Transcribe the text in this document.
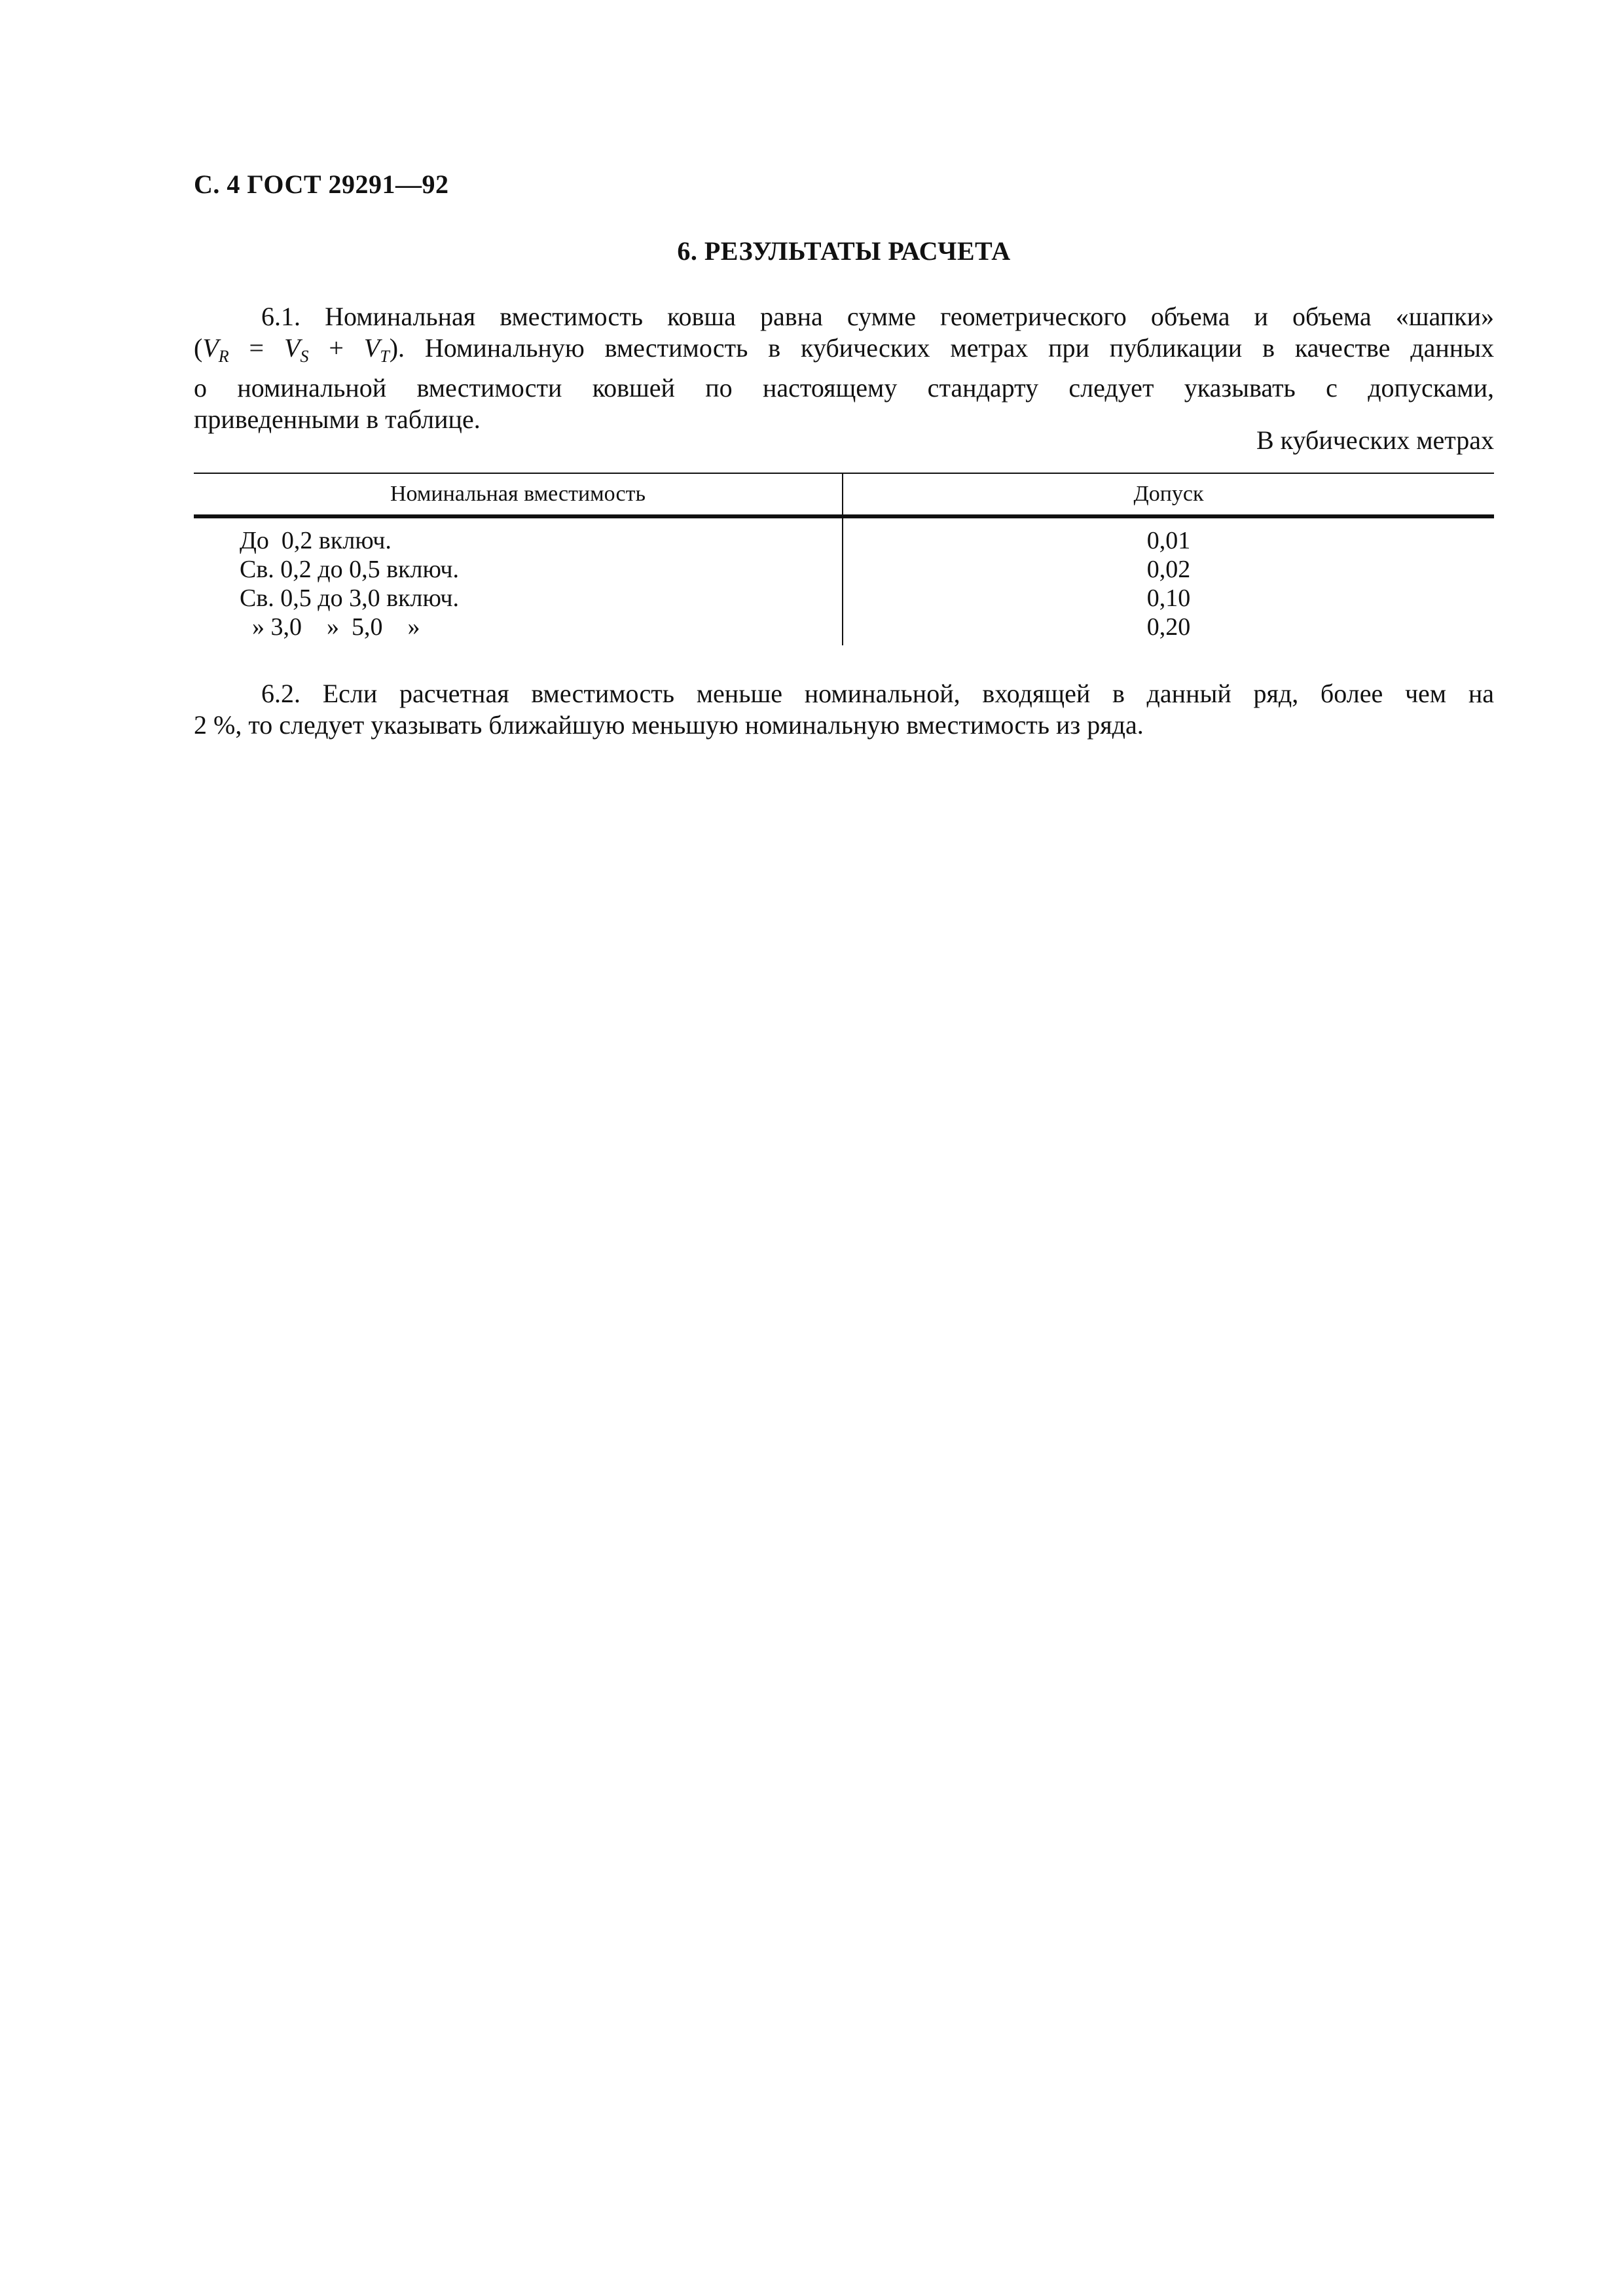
С. 4 ГОСТ 29291—92
6. РЕЗУЛЬТАТЫ РАСЧЕТА
6.1. Номинальная вместимость ковша равна сумме геометрического объема и объема «шапки»
$(V_R = V_S + V_T)$. Номинальную вместимость в кубических метрах при публикации в качестве данных
о номинальной вместимости ковшей по настоящему стандарту следует указывать с допусками,
приведенными в таблице.
В кубических метрах
Номинальная вместимость	Допуск
До  0,2 включ.	0,01
Св. 0,2 до 0,5 включ.	0,02
Св. 0,5 до 3,0 включ.	0,10
» 3,0    »  5,0    »	0,20
6.2. Если расчетная вместимость меньше номинальной, входящей в данный ряд, более чем на
2 %, то следует указывать ближайшую меньшую номинальную вместимость из ряда.
